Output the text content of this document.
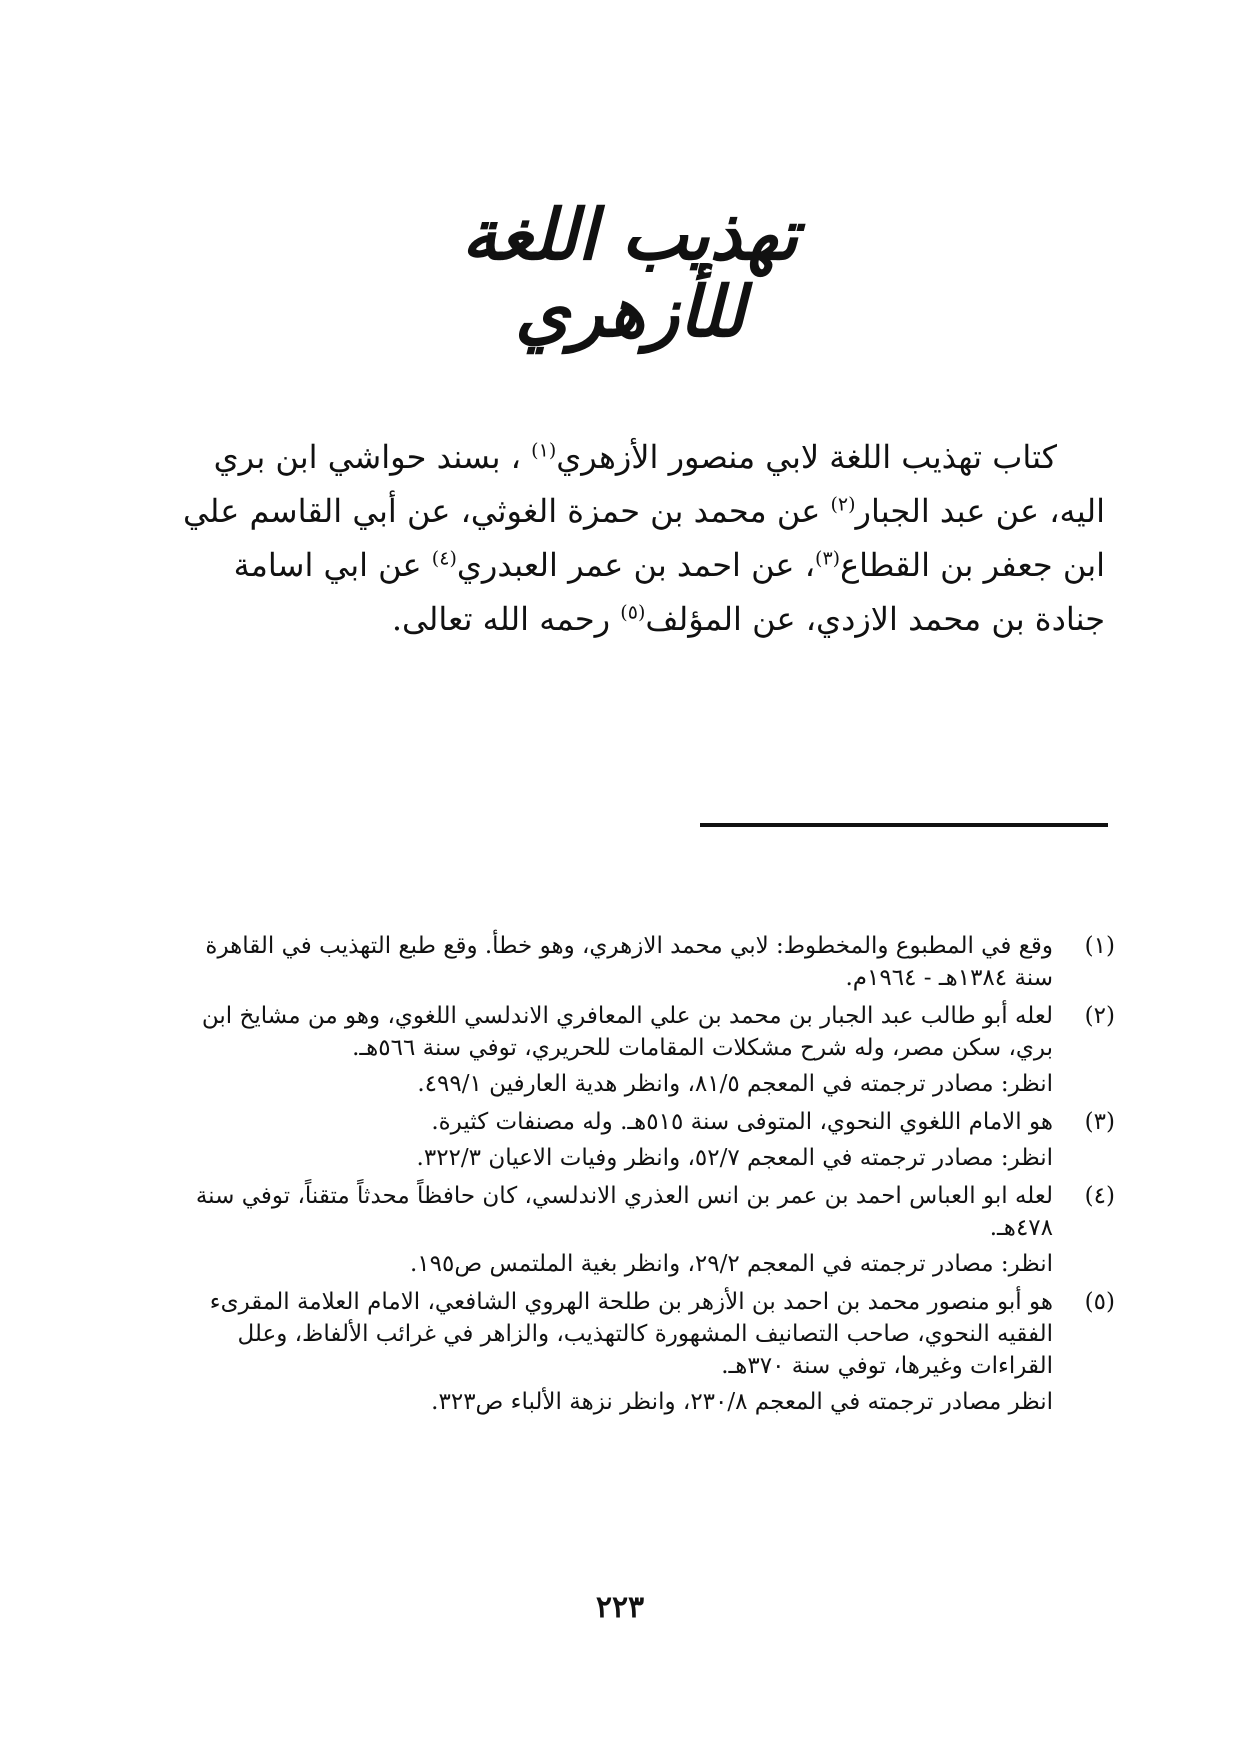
تهذيب اللغة للأزهري
كتاب تهذيب اللغة لابي منصور الأزهري$^{(١)}$ ، بسند حواشي ابن بري
اليه، عن عبد الجبار$^{(٢)}$ عن محمد بن حمزة الغوثي، عن أبي القاسم علي
ابن جعفر بن القطاع$^{(٣)}$، عن احمد بن عمر العبدري$^{(٤)}$ عن ابي اسامة
جنادة بن محمد الازدي، عن المؤلف$^{(٥)}$ رحمه الله تعالى.
(١)

وقع في المطبوع والمخطوط: لابي محمد الازهري، وهو خطأ. وقع طبع التهذيب في القاهرة سنة ١٣٨٤هـ - ١٩٦٤م.

(٢)

لعله أبو طالب عبد الجبار بن محمد بن علي المعافري الاندلسي اللغوي، وهو من مشايخ ابن بري، سكن مصر، وله شرح مشكلات المقامات للحريري، توفي سنة ٥٦٦هـ.

انظر: مصادر ترجمته في المعجم ٨١/٥، وانظر هدية العارفين ٤٩٩/١.

(٣)

هو الامام اللغوي النحوي، المتوفى سنة ٥١٥هـ. وله مصنفات كثيرة.

انظر: مصادر ترجمته في المعجم ٥٢/٧، وانظر وفيات الاعيان ٣٢٢/٣.

(٤)

لعله ابو العباس احمد بن عمر بن انس العذري الاندلسي، كان حافظاً محدثاً متقناً، توفي سنة ٤٧٨هـ.

انظر: مصادر ترجمته في المعجم ٢٩/٢، وانظر بغية الملتمس ص١٩٥.

(٥)

هو أبو منصور محمد بن احمد بن الأزهر بن طلحة الهروي الشافعي، الامام العلامة المقرىء الفقيه النحوي، صاحب التصانيف المشهورة كالتهذيب، والزاهر في غرائب الألفاظ، وعلل القراءات وغيرها، توفي سنة ٣٧٠هـ.

انظر مصادر ترجمته في المعجم ٢٣٠/٨، وانظر نزهة الألباء ص٣٢٣.

٢٢٣
